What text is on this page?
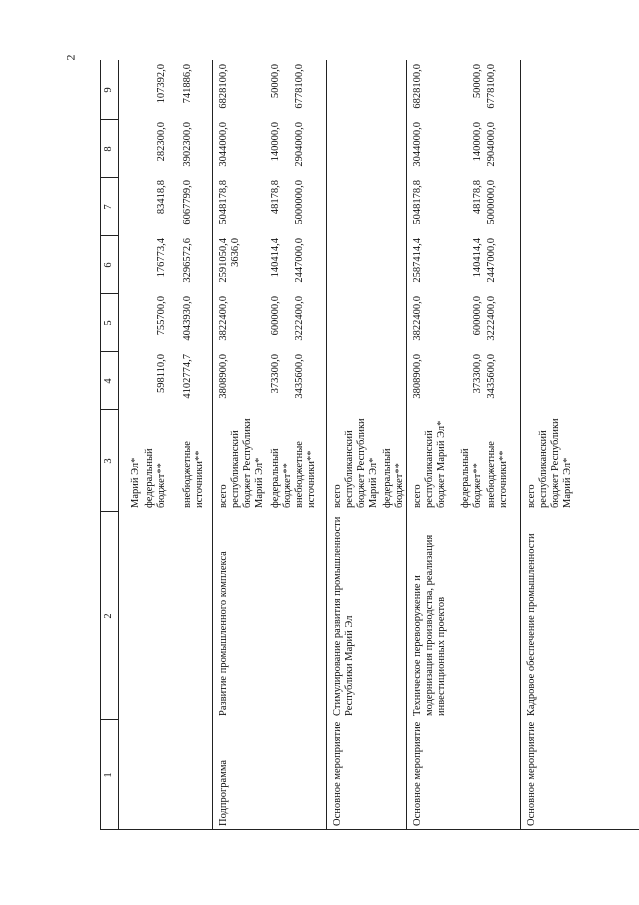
2
1
2
3
4
5
6
7
8
9
Марий Эл* федеральный бюджет**
598110,0
755700,0
176773,4
83418,8
282300,0
107392,0
внебюджетные источники**
4102774,7
4043930,0
3296572,6
6067799,0
3902300,0
741886,0
Подпрограмма
Развитие промышленного комплекса
всего
3808900,0
3822400,0
2591050,4
5048178,8
3044000,0
6828100,0
республиканский бюджет Республики Марий Эл*
3636,0
федеральный бюджет**
373300,0
600000,0
140414,4
48178,8
140000,0
50000,0
внебюджетные источники**
3435600,0
3222400,0
2447000,0
5000000,0
2904000,0
6778100,0
Основное мероприятие
Стимулирование развития промышленности Республики Марий Эл
всего республиканский бюджет Республики Марий Эл* федеральный бюджет**
Основное мероприятие
Техническое перевооружение и модернизация производства, реализация инвестиционных проектов
всего
3808900,0
3822400,0
2587414,4
5048178,8
3044000,0
6828100,0
республиканский бюджет Марий Эл* федеральный бюджет**
373300,0
600000,0
140414,4
48178,8
140000,0
50000,0
внебюджетные источники**
3435600,0
3222400,0
2447000,0
5000000,0
2904000,0
6778100,0
Основное мероприятие
Кадровое обеспечение промышленности
всего республиканский бюджет Республики Марий Эл*
